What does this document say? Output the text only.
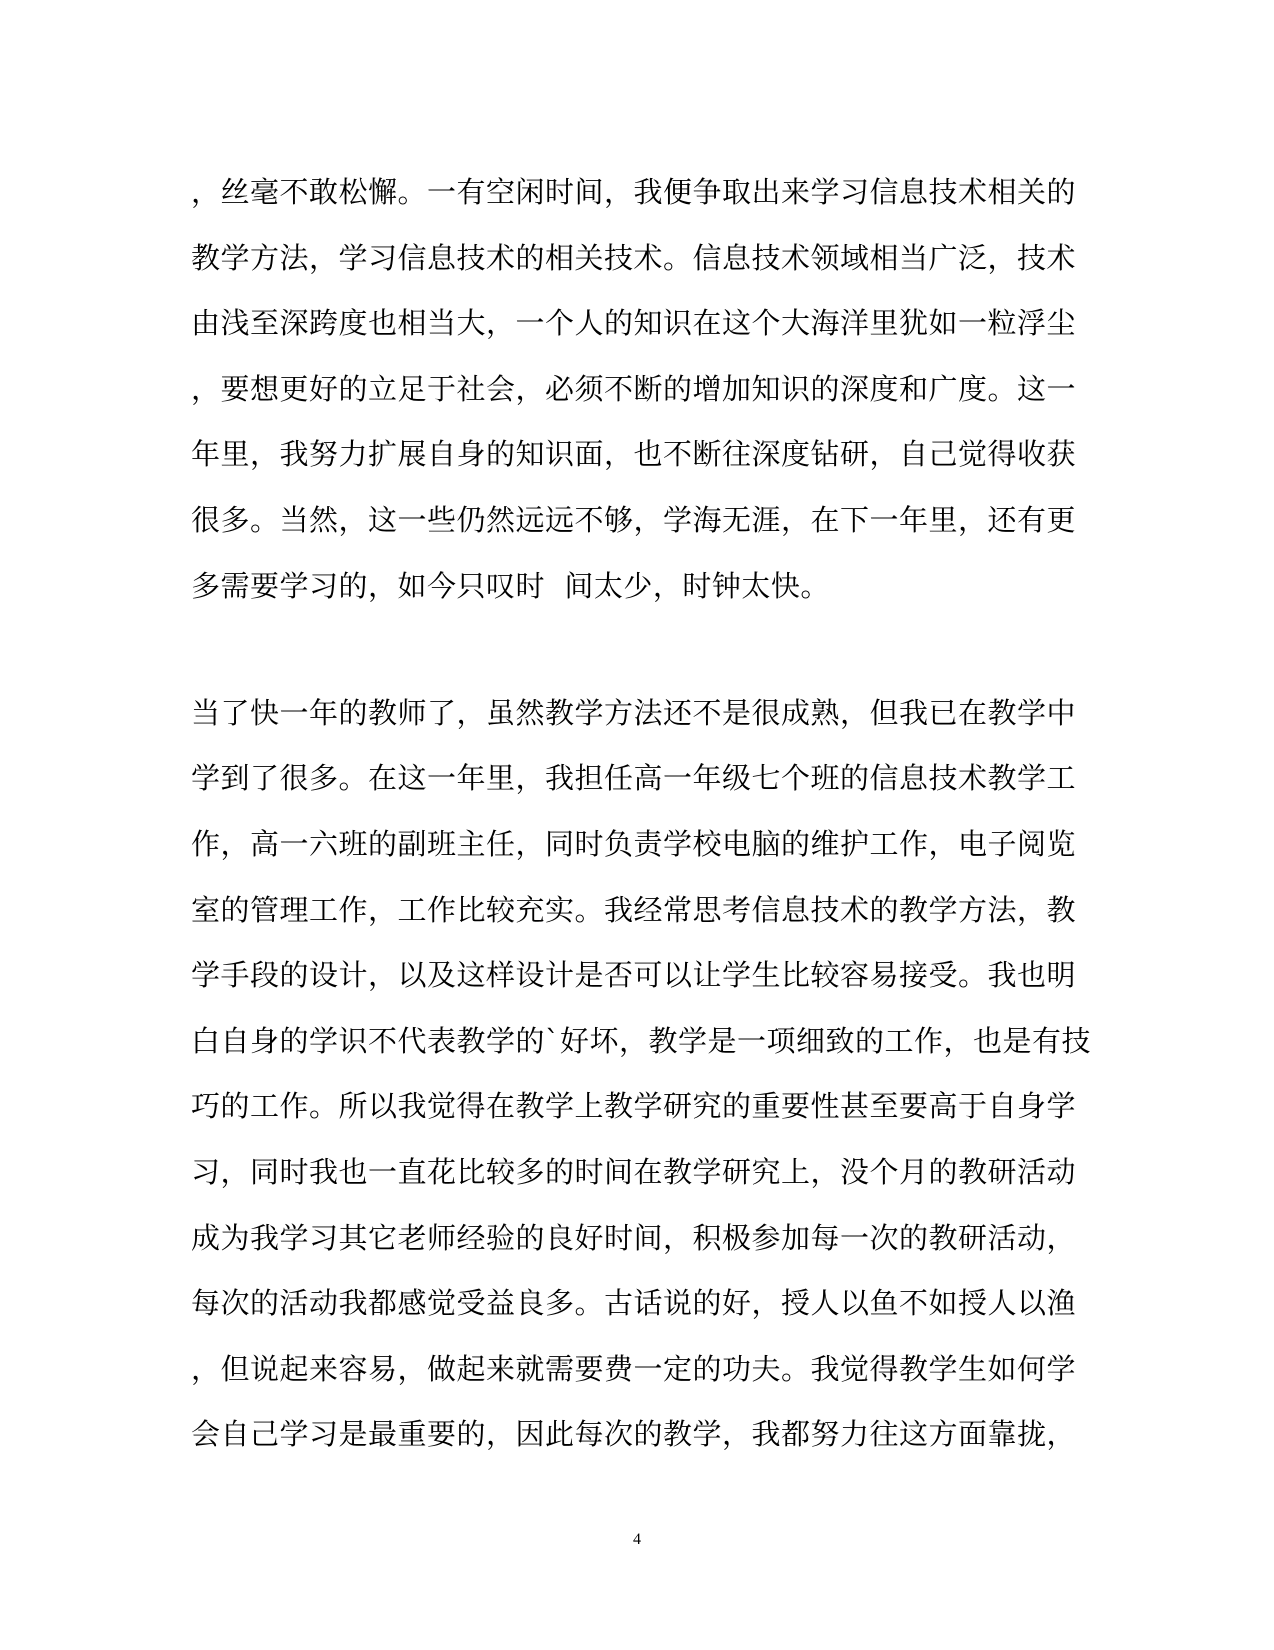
，丝毫不敢松懈。一有空闲时间，我便争取出来学习信息技术相关的
教学方法，学习信息技术的相关技术。信息技术领域相当广泛，技术
由浅至深跨度也相当大，一个人的知识在这个大海洋里犹如一粒浮尘
，要想更好的立足于社会，必须不断的增加知识的深度和广度。这一
年里，我努力扩展自身的知识面，也不断往深度钻研，自己觉得收获
很多。当然，这一些仍然远远不够，学海无涯，在下一年里，还有更
多需要学习的，如今只叹时  间太少，时钟太快。
当了快一年的教师了，虽然教学方法还不是很成熟，但我已在教学中
学到了很多。在这一年里，我担任高一年级七个班的信息技术教学工
作，高一六班的副班主任，同时负责学校电脑的维护工作，电子阅览
室的管理工作，工作比较充实。我经常思考信息技术的教学方法，教
学手段的设计，以及这样设计是否可以让学生比较容易接受。我也明
白自身的学识不代表教学的`好坏，教学是一项细致的工作，也是有技
巧的工作。所以我觉得在教学上教学研究的重要性甚至要高于自身学
习，同时我也一直花比较多的时间在教学研究上，没个月的教研活动
成为我学习其它老师经验的良好时间，积极参加每一次的教研活动，
每次的活动我都感觉受益良多。古话说的好，授人以鱼不如授人以渔
，但说起来容易，做起来就需要费一定的功夫。我觉得教学生如何学
会自己学习是最重要的，因此每次的教学，我都努力往这方面靠拢，
4
